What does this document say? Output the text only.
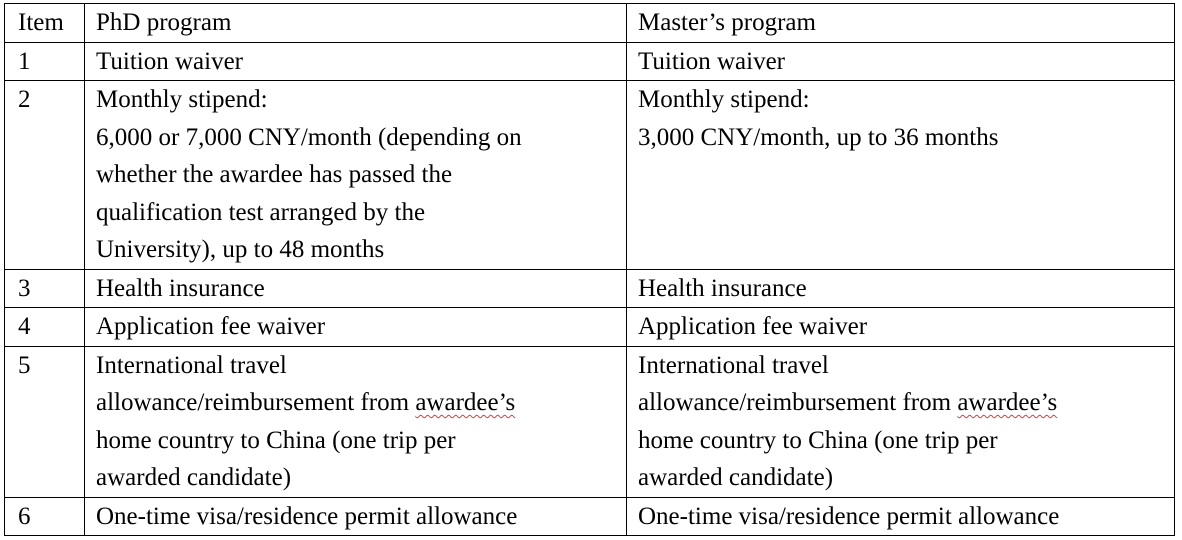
Item	PhD program	Master’s program
1	Tuition waiver	Tuition waiver

2	Monthly stipend:
6,000 or 7,000 CNY/month (depending on
whether the awardee has passed the
qualification test arranged by the
University), up to 48 months	Monthly stipend:
3,000 CNY/month, up to 36 months

3	Health insurance	Health insurance

4	Application fee waiver	Application fee waiver

5	International travel
allowance/reimbursement from awardee’s
home country to China (one trip per
awarded candidate)	International travel
allowance/reimbursement from awardee’s
home country to China (one trip per
awarded candidate)

6	One-time visa/residence permit allowance	One-time visa/residence permit allowance
